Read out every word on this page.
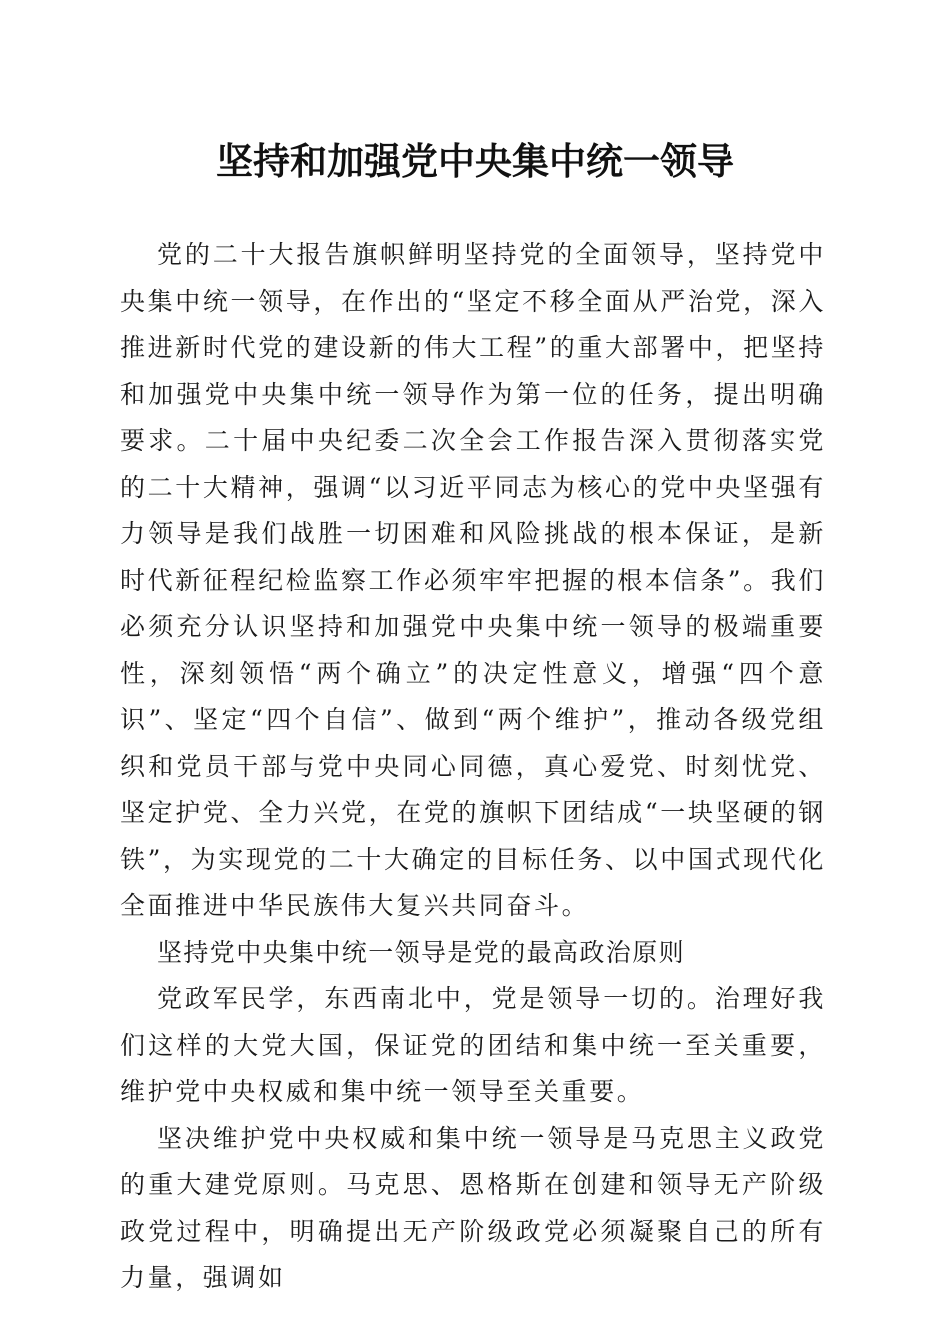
坚持和加强党中央集中统一领导

党的二十大报告旗帜鲜明坚持党的全面领导，坚持党中央集中统一领导，在作出的“坚定不移全面从严治党，深入推进新时代党的建设新的伟大工程”的重大部署中，把坚持和加强党中央集中统一领导作为第一位的任务，提出明确要求。二十届中央纪委二次全会工作报告深入贯彻落实党的二十大精神，强调“以习近平同志为核心的党中央坚强有力领导是我们战胜一切困难和风险挑战的根本保证，是新时代新征程纪检监察工作必须牢牢把握的根本信条”。我们必须充分认识坚持和加强党中央集中统一领导的极端重要性，深刻领悟“两个确立”的决定性意义，增强“四个意识”、坚定“四个自信”、做到“两个维护”，推动各级党组织和党员干部与党中央同心同德，真心爱党、时刻忧党、坚定护党、全力兴党，在党的旗帜下团结成“一块坚硬的钢铁”，为实现党的二十大确定的目标任务、以中国式现代化全面推进中华民族伟大复兴共同奋斗。

坚持党中央集中统一领导是党的最高政治原则

党政军民学，东西南北中，党是领导一切的。治理好我们这样的大党大国，保证党的团结和集中统一至关重要，维护党中央权威和集中统一领导至关重要。

坚决维护党中央权威和集中统一领导是马克思主义政党的重大建党原则。马克思、恩格斯在创建和领导无产阶级政党过程中，明确提出无产阶级政党必须凝聚自己的所有力量，强调如
